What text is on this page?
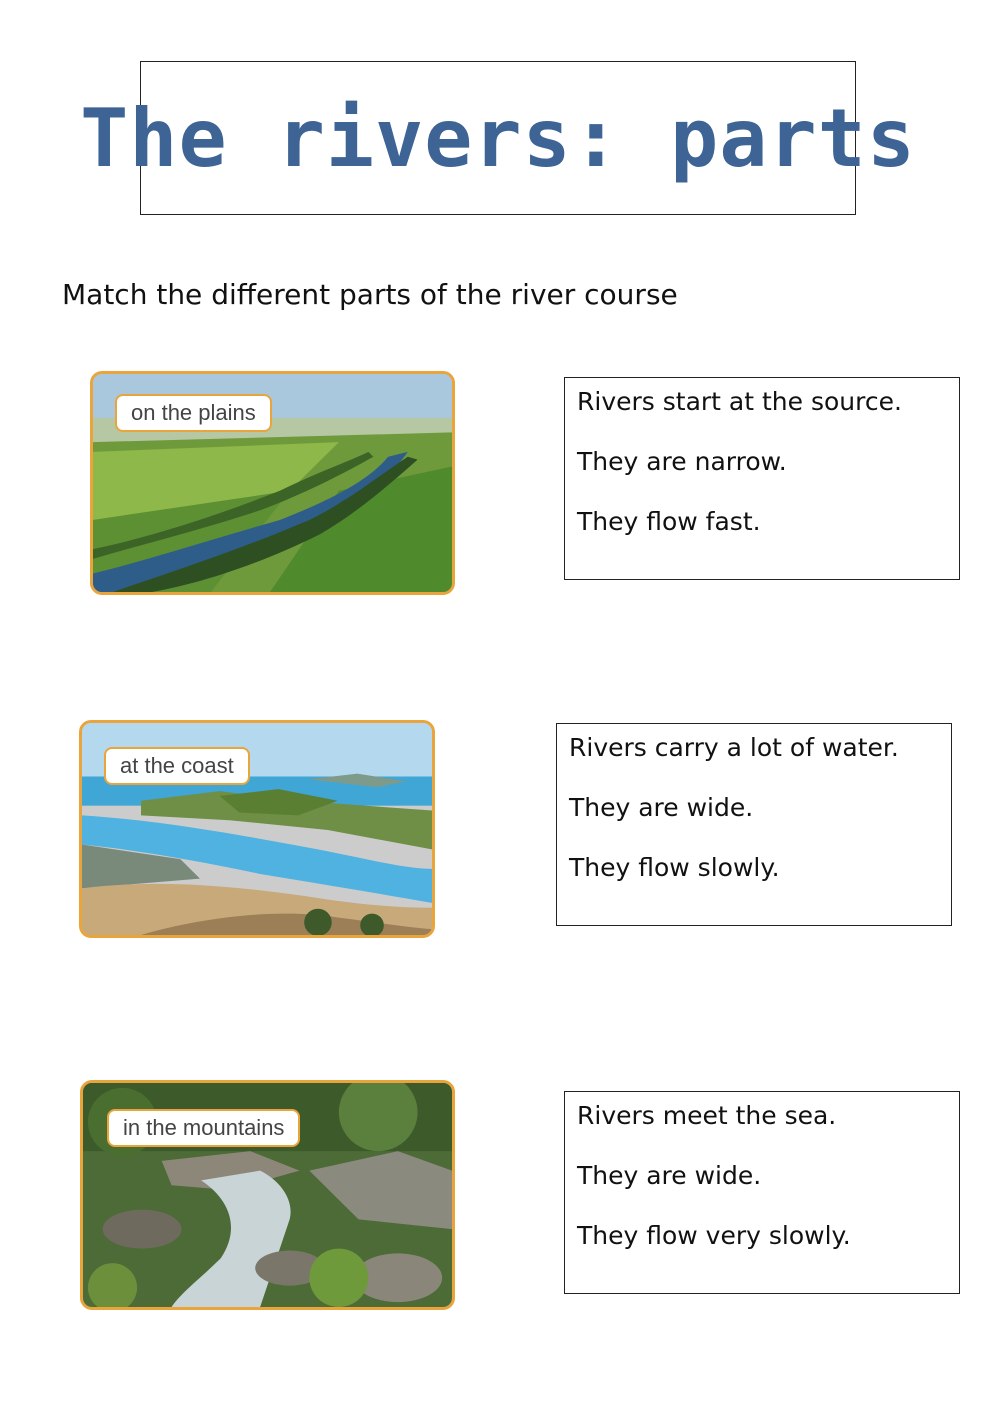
The rivers: parts
Match the different parts of the river course
on the plains	Rivers start at the source.

They are narrow.

They flow fast.

at the coast

Rivers carry a lot of water.

They are wide.

They flow slowly.

in the mountains	Rivers meet the sea.

They are wide.

They flow very slowly.
